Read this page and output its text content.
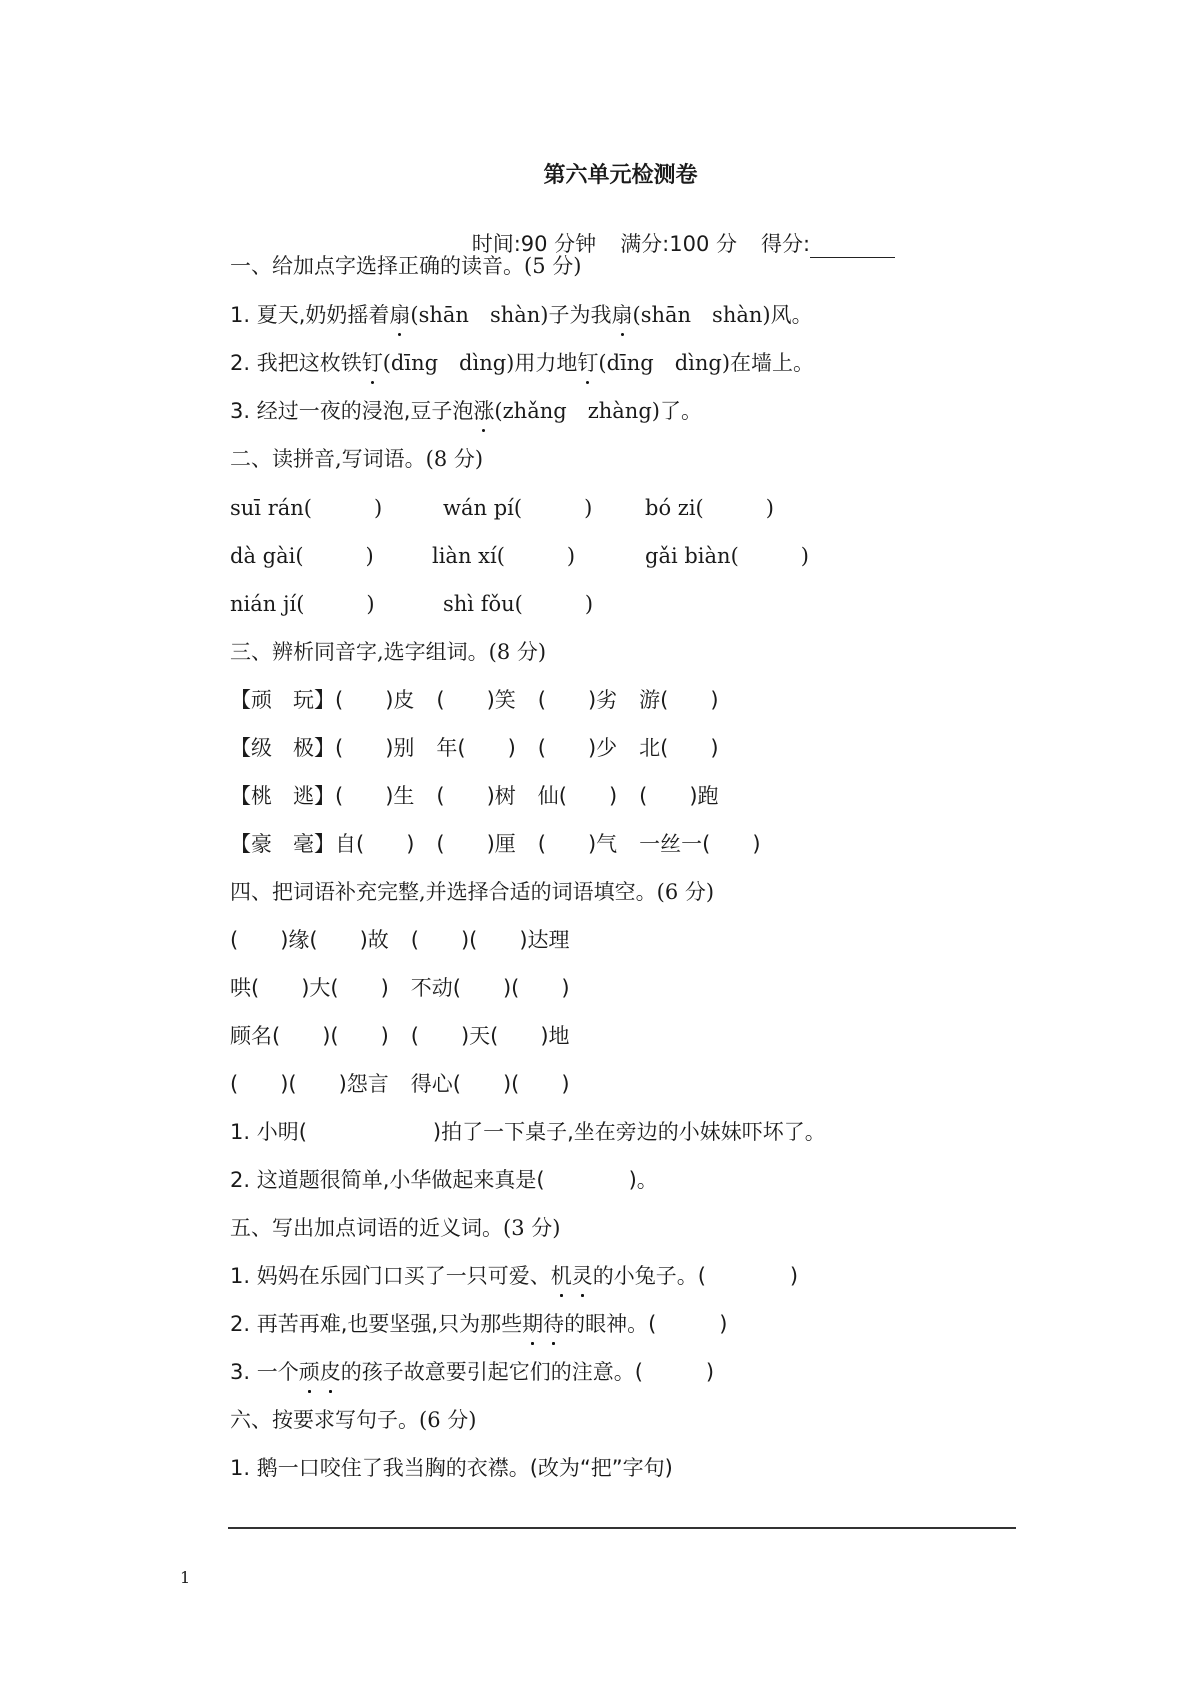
第六单元检测卷

时间:90 分钟 满分:100 分 得分:

一、给加点字选择正确的读音。(5 分)
1. 夏天,奶奶摇着扇(shān　shàn)子为我扇(shān　shàn)风。
2. 我把这枚铁钉(dīng　dìng)用力地钉(dīng　dìng)在墙上。
3. 经过一夜的浸泡,豆子泡涨(zhǎng　zhàng)了。
二、读拼音,写词语。(8 分)
suī rán(	)	wán pí(	)	bó zi(	)
dà gài(	)	liàn xí(	)	gǎi biàn(	)
nián jí(	)	shì fǒu(	)
三、辨析同音字,选字组词。(8 分)
【顽　玩】(　　)皮 (　　)笑 (　　)劣 游(　　)
【级　极】(　　)别 年(　　) (　　)少 北(　　)
【桃　逃】(　　)生 (　　)树 仙(　　) (　　)跑
【豪　毫】自(　　) (　　)厘 (　　)气 一丝一(　　)
四、把词语补充完整,并选择合适的词语填空。(6 分)
(　　)缘(　　)故 (　　)(　　)达理
哄(　　)大(　　) 不动(　　)(　　)
顾名(　　)(　　) (　　)天(　　)地
(　　)(　　)怨言 得心(　　)(　　)
1. 小明(　　　　　　)拍了一下桌子,坐在旁边的小妹妹吓坏了。
2. 这道题很简单,小华做起来真是(　　　　)。
五、写出加点词语的近义词。(3 分)
1. 妈妈在乐园门口买了一只可爱、机灵的小兔子。(　　　　)
2. 再苦再难,也要坚强,只为那些期待的眼神。(　　　)
3. 一个顽皮的孩子故意要引起它们的注意。(　　　)
六、按要求写句子。(6 分)
1. 鹅一口咬住了我当胸的衣襟。(改为“把”字句)
1
